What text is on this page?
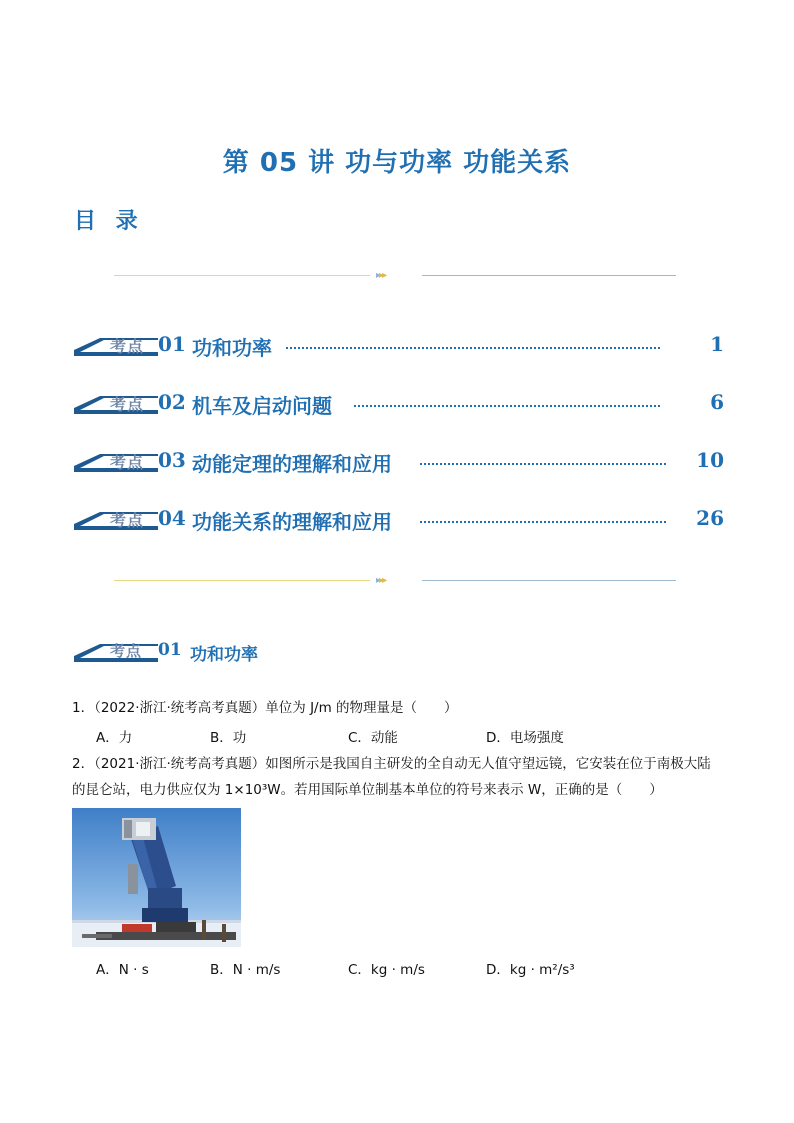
第 05 讲 功与功率 功能关系
目 录
▸▸▸
考点 01 功和功率	1
考点 02 机车及启动问题	6
考点 03 动能定理的理解和应用	10
考点 04 功能关系的理解和应用	26
▸▸▸
考点 01 功和功率
1．（2022·浙江·统考高考真题）单位为 J/m 的物理量是（　　）
A．力	B．功	C．动能	D．电场强度
2．（2021·浙江·统考高考真题）如图所示是我国自主研发的全自动无人值守望远镜，它安装在位于南极大陆
的昆仑站，电力供应仅为 1×10³W。若用国际单位制基本单位的符号来表示 W，正确的是（　　）
A．N · s	B．N · m/s	C．kg · m/s	D．kg · m²/s³
